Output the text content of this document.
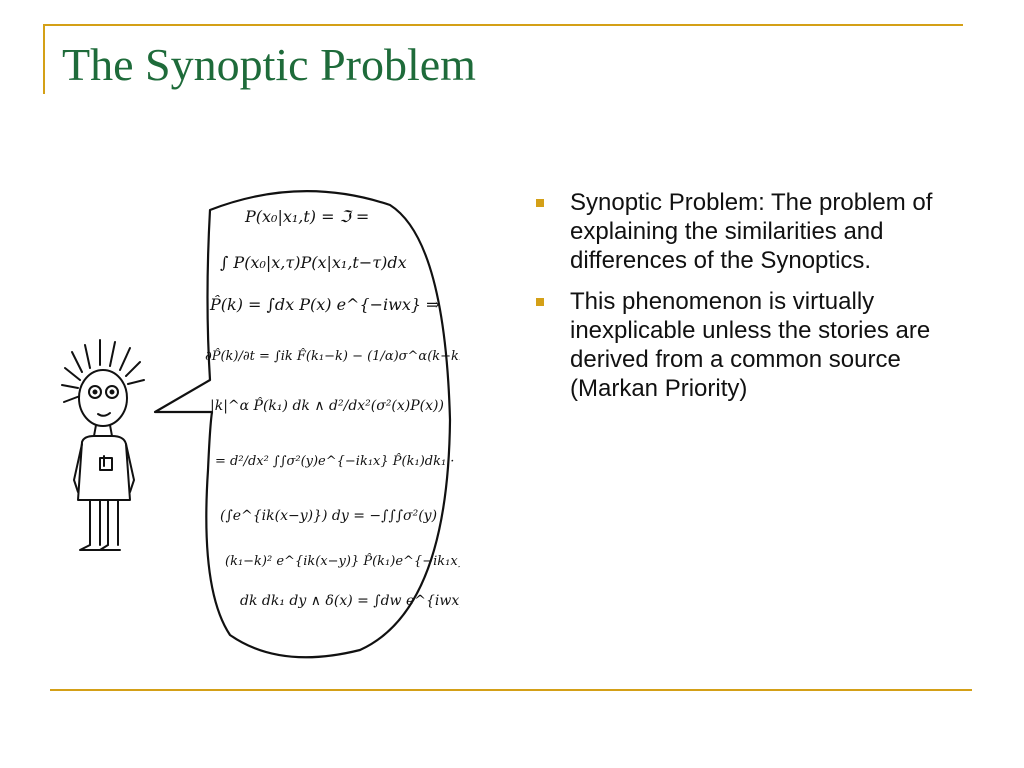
The Synoptic Problem
P(x₀|x₁,t) = ℑ =
∫ P(x₀|x,τ)P(x|x₁,t−τ)dx
P̂(k) = ∫dx P(x) e^{−iwx} ⇒
∂P̂(k)/∂t = ∫ik F̂(k₁−k) − (1/α)σ^α(k−k₁)
|k|^α P̂(k₁) dk ∧ d²/dx²(σ²(x)P(x))
= d²/dx² ∫∫σ²(y)e^{−ik₁x} P̂(k₁)dk₁ ·
(∫e^{ik(x−y)}) dy = −∫∫∫σ²(y)
(k₁−k)² e^{ik(x−y)} P̂(k₁)e^{−ik₁x}
dk dk₁ dy ∧ δ(x) = ∫dw e^{iwx}
Synoptic Problem: The problem of explaining the similarities and differences of the Synoptics.
This phenomenon is virtually inexplicable unless the stories are derived from a common source (Markan Priority)
